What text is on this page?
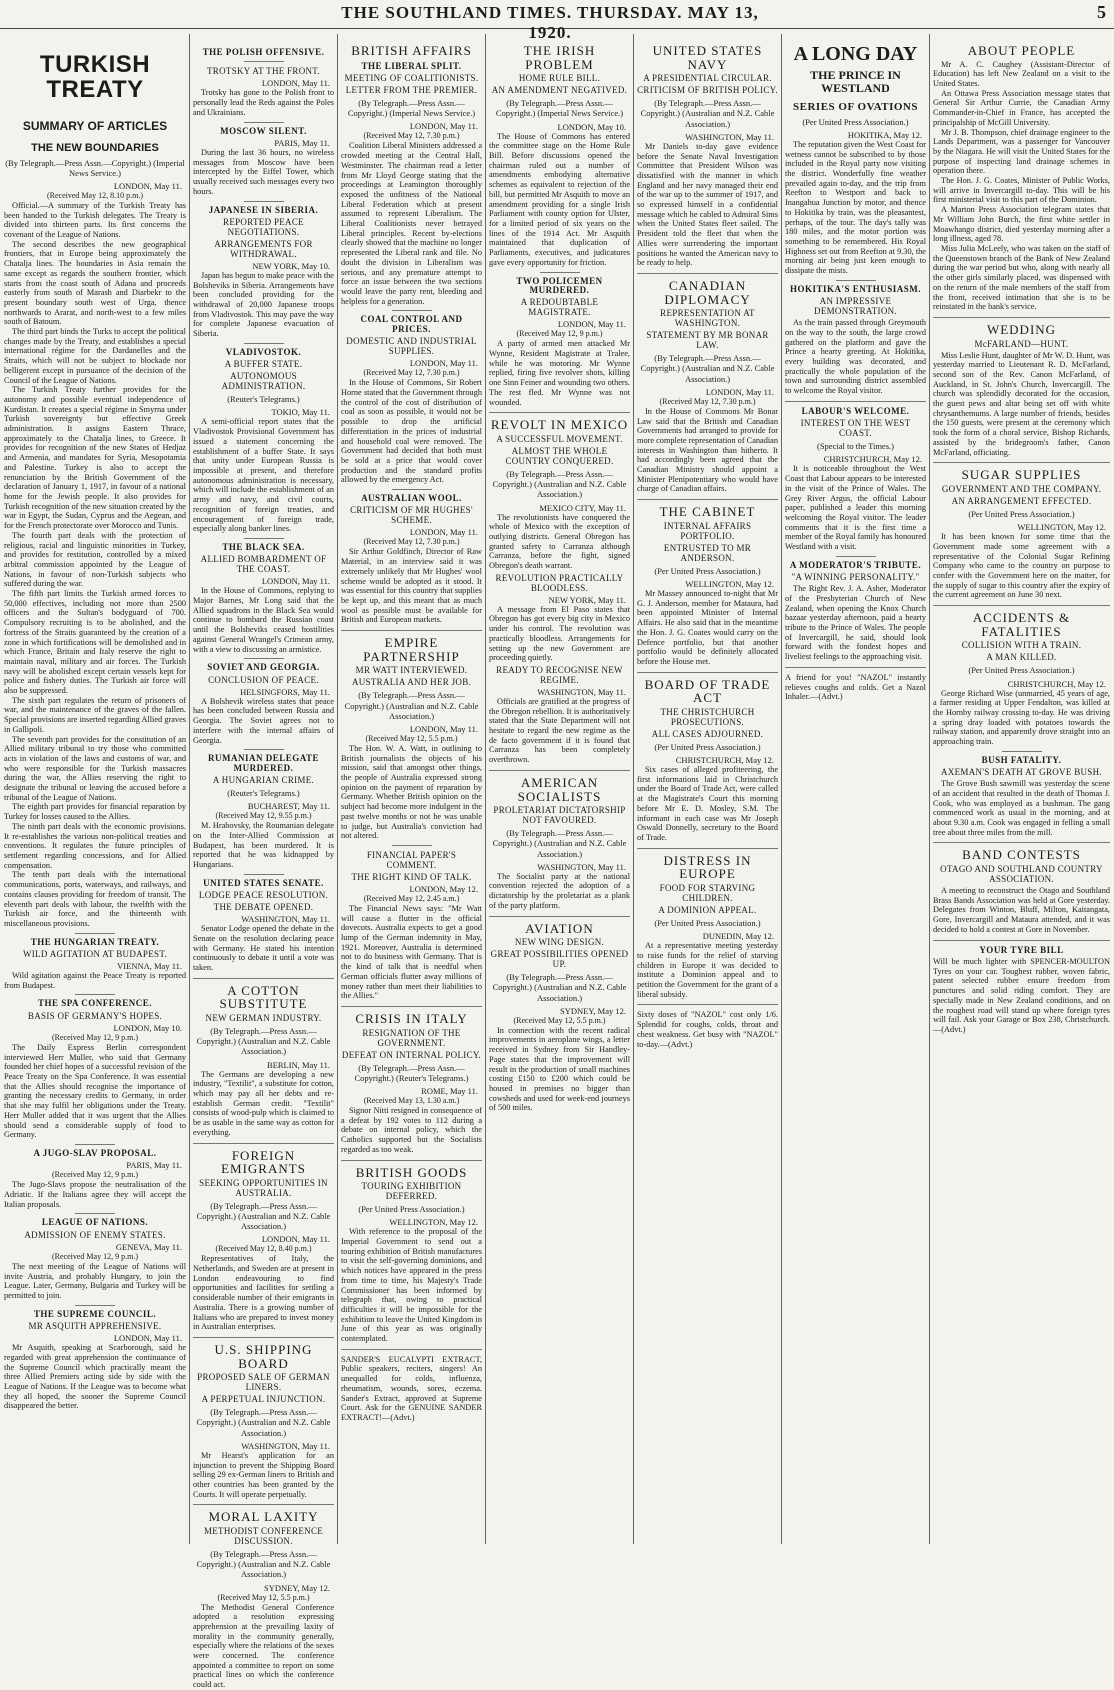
THE SOUTHLAND TIMES. THURSDAY. MAY 13, 1920.
5
TURKISH TREATY
SUMMARY OF ARTICLES
THE NEW BOUNDARIES
(By Telegraph.—Press Assn.—Copyright.) (Imperial News Service.)
LONDON, May 11.
(Received May 12, 8.10 p.m.)

Official.—A summary of the Turkish Treaty has been handed to the Turkish delegates. The Treaty is divided into thirteen parts. Its first concerns the covenant of the League of Nations.

The second describes the new geographical frontiers, that in Europe being approximately the Chatalja lines. The boundaries in Asia remain the same except as regards the southern frontier, which starts from the coast south of Adana and proceeds easterly from south of Marash and Diarbekr to the present boundary south west of Urga, thence northwards to Ararat, and north-west to a few miles south of Batoum.

The third part binds the Turks to accept the political changes made by the Treaty, and establishes a special international régime for the Dardanelles and the Straits, which will not be subject to blockade nor belligerent except in pursuance of the decision of the Council of the League of Nations.

The Turkish Treaty further provides for the autonomy and possible eventual independence of Kurdistan. It creates a special régime in Smyrna under Turkish sovereignty but effective Greek administration. It assigns Eastern Thrace, approximately to the Chatalja lines, to Greece. It provides for recognition of the new States of Hedjaz and Armenia, and mandates for Syria, Mesopotamia and Palestine. Turkey is also to accept the renunciation by the British Government of the declaration of January 1, 1917, in favour of a national home for the Jewish people. It also provides for Turkish recognition of the new situation created by the war in Egypt, the Sudan, Cyprus and the Aegean, and for the French protectorate over Morocco and Tunis.

The fourth part deals with the protection of religious, racial and linguistic minorities in Turkey, and provides for restitution, controlled by a mixed arbitral commission appointed by the League of Nations, in favour of non-Turkish subjects who suffered during the war.

The fifth part limits the Turkish armed forces to 50,000 effectives, including not more than 2500 officers and the Sultan's bodyguard of 700. Compulsory recruiting is to be abolished, and the fortress of the Straits guaranteed by the creation of a zone in which fortifications will be demolished and in which France, Britain and Italy reserve the right to maintain naval, military and air forces. The Turkish navy will be abolished except certain vessels kept for police and fishery duties. The Turkish air force will also be suppressed.

The sixth part regulates the return of prisoners of war, and the maintenance of the graves of the fallen. Special provisions are inserted regarding Allied graves in Gallipoli.

The seventh part provides for the constitution of an Allied military tribunal to try those who committed acts in violation of the laws and customs of war, and who were responsible for the Turkish massacres during the war, the Allies reserving the right to designate the tribunal or leaving the accused before a tribunal of the League of Nations.

The eighth part provides for financial reparation by Turkey for losses caused to the Allies.

The ninth part deals with the economic provisions. It re-establishes the various non-political treaties and conventions. It regulates the future principles of settlement regarding concessions, and for Allied compensation.

The tenth part deals with the international communications, ports, waterways, and railways, and contains clauses providing for freedom of transit. The eleventh part deals with labour, the twelfth with the Turkish air force, and the thirteenth with miscellaneous provisions.

THE HUNGARIAN TREATY.
WILD AGITATION AT BUDAPEST.
VIENNA, May 11.

Wild agitation against the Peace Treaty is reported from Budapest.

THE SPA CONFERENCE.
BASIS OF GERMANY'S HOPES.
LONDON, May 10.
(Received May 12, 9 p.m.)

The Daily Express Berlin correspondent interviewed Herr Muller, who said that Germany founded her chief hopes of a successful revision of the Peace Treaty on the Spa Conference. It was essential that the Allies should recognise the importance of granting the necessary credits to Germany, in order that she may fulfil her obligations under the Treaty. Herr Muller added that it was urgent that the Allies should send a considerable supply of food to Germany.

A JUGO-SLAV PROPOSAL.
PARIS, May 11.
(Received May 12, 9 p.m.)

The Jugo-Slavs propose the neutralisation of the Adriatic. If the Italians agree they will accept the Italian proposals.

LEAGUE OF NATIONS.
ADMISSION OF ENEMY STATES.
GENEVA, May 11.
(Received May 12, 9 p.m.)

The next meeting of the League of Nations will invite Austria, and probably Hungary, to join the League. Later, Germany, Bulgaria and Turkey will be permitted to join.

THE SUPREME COUNCIL.
MR ASQUITH APPREHENSIVE.
LONDON, May 11.

Mr Asquith, speaking at Scarborough, said he regarded with great apprehension the continuance of the Supreme Council which practically meant the three Allied Premiers acting side by side with the League of Nations. If the League was to become what they all hoped, the sooner the Supreme Council disappeared the better.

THE POLISH OFFENSIVE.
TROTSKY AT THE FRONT.
LONDON, May 11.

Trotsky has gone to the Polish front to personally lead the Reds against the Poles and Ukrainians.

MOSCOW SILENT.
PARIS, May 11.

During the last 36 hours, no wireless messages from Moscow have been intercepted by the Eiffel Tower, which usually received such messages every two hours.

JAPANESE IN SIBERIA.
REPORTED PEACE NEGOTIATIONS.
ARRANGEMENTS FOR WITHDRAWAL.
NEW YORK, May 10.

Japan has begun to make peace with the Bolsheviks in Siberia. Arrangements have been concluded providing for the withdrawal of 20,000 Japanese troops from Vladivostok. This may pave the way for complete Japanese evacuation of Siberia.

VLADIVOSTOK.
A BUFFER STATE.
AUTONOMOUS ADMINISTRATION.
(Reuter's Telegrams.)
TOKIO, May 11.

A semi-official report states that the Vladivostok Provisional Government has issued a statement concerning the establishment of a buffer State. It says that unity under European Russia is impossible at present, and therefore autonomous administration is necessary, which will include the establishment of an army and navy, and civil courts, recognition of foreign treaties, and encouragement of foreign trade, especially along banker lines.

THE BLACK SEA.
ALLIED BOMBARDMENT OF THE COAST.
LONDON, May 11.

In the House of Commons, replying to Major Barnes, Mr Long said that the Allied squadrons in the Black Sea would continue to bombard the Russian coast until the Bolsheviks ceased hostilities against General Wrangel's Crimean army, with a view to discussing an armistice.

SOVIET AND GEORGIA.
CONCLUSION OF PEACE.
HELSINGFORS, May 11.

A Bolshevik wireless states that peace has been concluded between Russia and Georgia. The Soviet agrees not to interfere with the internal affairs of Georgia.

RUMANIAN DELEGATE MURDERED.
A HUNGARIAN CRIME.
(Reuter's Telegrams.)
BUCHAREST, May 11.
(Received May 12, 9.55 p.m.)

M. Hrabovsky, the Roumanian delegate on the Inter-Allied Commission at Budapest, has been murdered. It is reported that he was kidnapped by Hungarians.

UNITED STATES SENATE.
LODGE PEACE RESOLUTION.
THE DEBATE OPENED.
WASHINGTON, May 11.

Senator Lodge opened the debate in the Senate on the resolution declaring peace with Germany. He stated his intention continuously to debate it until a vote was taken.

A COTTON SUBSTITUTE
NEW GERMAN INDUSTRY.
(By Telegraph.—Press Assn.—Copyright.) (Australian and N.Z. Cable Association.)
BERLIN, May 11.

The Germans are developing a new industry, "Textilit", a substitute for cotton, which may pay all her debts and re-establish German credit. "Textilit" consists of wood-pulp which is claimed to be as usable in the same way as cotton for everything.

FOREIGN EMIGRANTS
SEEKING OPPORTUNITIES IN AUSTRALIA.
(By Telegraph.—Press Assn.—Copyright.) (Australian and N.Z. Cable Association.)
LONDON, May 11.
(Received May 12, 8.40 p.m.)

Representatives of Italy, the Netherlands, and Sweden are at present in London endeavouring to find opportunities and facilities for settling a considerable number of their emigrants in Australia. There is a growing number of Italians who are prepared to invest money in Australian enterprises.

U.S. SHIPPING BOARD
PROPOSED SALE OF GERMAN LINERS.
A PERPETUAL INJUNCTION.
(By Telegraph.—Press Assn.—Copyright.) (Australian and N.Z. Cable Association.)
WASHINGTON, May 11.

Mr Hearst's application for an injunction to prevent the Shipping Board selling 29 ex-German liners to British and other countries has been granted by the Courts. It will operate perpetually.

MORAL LAXITY
METHODIST CONFERENCE DISCUSSION.
(By Telegraph.—Press Assn.—Copyright.) (Australian and N.Z. Cable Association.)
SYDNEY, May 12.
(Received May 12, 5.5 p.m.)

The Methodist General Conference adopted a resolution expressing apprehension at the prevailing laxity of morality in the community generally, especially where the relations of the sexes were concerned. The conference appointed a committee to report on some practical lines on which the conference could act.

BRITISH AFFAIRS
THE LIBERAL SPLIT.
MEETING OF COALITIONISTS.
LETTER FROM THE PREMIER.
(By Telegraph.—Press Assn.—Copyright.) (Imperial News Service.)
LONDON, May 11.
(Received May 12, 7.30 p.m.)

Coalition Liberal Ministers addressed a crowded meeting at the Central Hall, Westminster. The chairman read a letter from Mr Lloyd George stating that the proceedings at Leamington thoroughly exposed the unfitness of the National Liberal Federation which at present assumed to represent Liberalism. The Liberal Coalitionists never betrayed Liberal principles. Recent by-elections clearly showed that the machine no longer represented the Liberal rank and file. No doubt the division in Liberalism was serious, and any premature attempt to force an issue between the two sections would leave the party rent, bleeding and helpless for a generation.

COAL CONTROL AND PRICES.
DOMESTIC AND INDUSTRIAL SUPPLIES.
LONDON, May 11.
(Received May 12, 7.30 p.m.)

In the House of Commons, Sir Robert Horne stated that the Government through the control of the cost of distribution of coal as soon as possible, it would not be possible to drop the artificial differentiation in the prices of industrial and household coal were removed. The Government had decided that both must be sold at a price that would cover production and the standard profits allowed by the emergency Act.

AUSTRALIAN WOOL.
CRITICISM OF MR HUGHES' SCHEME.
LONDON, May 11.
(Received May 12, 7.30 p.m.)

Sir Arthur Goldfinch, Director of Raw Material, in an interview said it was extremely unlikely that Mr Hughes' wool scheme would be adopted as it stood. It was essential for this country that supplies be kept up, and this meant that as much wool as possible must be available for British and European markets.

EMPIRE PARTNERSHIP
MR WATT INTERVIEWED.
AUSTRALIA AND HER JOB.
(By Telegraph.—Press Assn.—Copyright.) (Australian and N.Z. Cable Association.)
LONDON, May 11.
(Received May 12, 5.5 p.m.)

The Hon. W. A. Watt, in outlining to British journalists the objects of his mission, said that amongst other things, the people of Australia expressed strong opinion on the payment of reparation by Germany. Whether British opinion on the subject had become more indulgent in the past twelve months or not he was unable to judge, but Australia's conviction had not altered.

FINANCIAL PAPER'S COMMENT.
THE RIGHT KIND OF TALK.
LONDON, May 12.
(Received May 12, 2.45 a.m.)

The Financial News says: "Mr Watt will cause a flutter in the official dovecots. Australia expects to get a good lump of the German indemnity in May, 1921. Moreover, Australia is determined not to do business with Germany. That is the kind of talk that is needful when German officials flutter away millions of money rather than meet their liabilities to the Allies."

CRISIS IN ITALY
RESIGNATION OF THE GOVERNMENT.
DEFEAT ON INTERNAL POLICY.
(By Telegraph.—Press Assn.—Copyright.) (Reuter's Telegrams.)
ROME, May 11.
(Received May 13, 1.30 a.m.)

Signor Nitti resigned in consequence of a defeat by 192 votes to 112 during a debate on internal policy, which the Catholics supported but the Socialists regarded as too weak.

BRITISH GOODS
TOURING EXHIBITION DEFERRED.
(Per United Press Association.)
WELLINGTON, May 12.

With reference to the proposal of the Imperial Government to send out a touring exhibition of British manufactures to visit the self-governing dominions, and which notices have appeared in the press from time to time, his Majesty's Trade Commissioner has been informed by telegraph that, owing to practical difficulties it will be impossible for the exhibition to leave the United Kingdom in June of this year as was originally contemplated.

SANDER'S EUCALYPTI EXTRACT, Public speakers, reciters, singers! An unequalled for colds, influenza, rheumatism, wounds, sores, eczema. Sander's Extract, approved at Supreme Court. Ask for the GENUINE SANDER EXTRACT!—(Advt.)

THE IRISH PROBLEM
HOME RULE BILL.
AN AMENDMENT NEGATIVED.
(By Telegraph.—Press Assn.—Copyright.) (Imperial News Service.)
LONDON, May 10.

The House of Commons has entered the committee stage on the Home Rule Bill. Before discussions opened the chairman ruled out a number of amendments embodying alternative schemes as equivalent to rejection of the bill, but permitted Mr Asquith to move an amendment providing for a single Irish Parliament with county option for Ulster, for a limited period of six years on the lines of the 1914 Act. Mr Asquith maintained that duplication of Parliaments, executives, and judicatures gave every opportunity for friction.

TWO POLICEMEN MURDERED.
A REDOUBTABLE MAGISTRATE.
LONDON, May 11.
(Received May 12, 9 p.m.)

A party of armed men attacked Mr Wynne, Resident Magistrate at Tralee, while he was motoring. Mr Wynne replied, firing five revolver shots, killing one Sinn Feiner and wounding two others. The rest fled. Mr Wynne was not wounded.

REVOLT IN MEXICO
A SUCCESSFUL MOVEMENT.
ALMOST THE WHOLE COUNTRY CONQUERED.
(By Telegraph.—Press Assn.—Copyright.) (Australian and N.Z. Cable Association.)
MEXICO CITY, May 11.

The revolutionists have conquered the whole of Mexico with the exception of outlying districts. General Obregon has granted safety to Carranza although Carranza, before the fight, signed Obregon's death warrant.

REVOLUTION PRACTICALLY BLOODLESS.
NEW YORK, May 11.

A message from El Paso states that Obregon has got every big city in Mexico under his control. The revolution was practically bloodless. Arrangements for setting up the new Government are proceeding quietly.

READY TO RECOGNISE NEW REGIME.
WASHINGTON, May 11.

Officials are gratified at the progress of the Obregon rebellion. It is authoritatively stated that the State Department will not hesitate to regard the new regime as the de facto government if it is found that Carranza has been completely overthrown.

AMERICAN SOCIALISTS
PROLETARIAT DICTATORSHIP NOT FAVOURED.
(By Telegraph.—Press Assn.—Copyright.) (Australian and N.Z. Cable Association.)
WASHINGTON, May 11.

The Socialist party at the national convention rejected the adoption of a dictatorship by the proletariat as a plank of the party platform.

AVIATION
NEW WING DESIGN.
GREAT POSSIBILITIES OPENED UP.
(By Telegraph.—Press Assn.—Copyright.) (Australian and N.Z. Cable Association.)
SYDNEY, May 12.
(Received May 12, 5.5 p.m.)

In connection with the recent radical improvements in aeroplane wings, a letter received in Sydney from Sir Handley-Page states that the improvement will result in the production of small machines costing £150 to £200 which could be housed in premises no bigger than cowsheds and used for week-end journeys of 500 miles.

UNITED STATES NAVY
A PRESIDENTIAL CIRCULAR.
CRITICISM OF BRITISH POLICY.
(By Telegraph.—Press Assn.—Copyright.) (Australian and N.Z. Cable Association.)
WASHINGTON, May 11.

Mr Daniels to-day gave evidence before the Senate Naval Investigation Committee that President Wilson was dissatisfied with the manner in which England and her navy managed their end of the war up to the summer of 1917, and so expressed himself in a confidential message which he cabled to Admiral Sims when the United States fleet sailed. The President told the fleet that when the Allies were surrendering the important positions he wanted the American navy to be ready to help.

CANADIAN DIPLOMACY
REPRESENTATION AT WASHINGTON.
STATEMENT BY MR BONAR LAW.
(By Telegraph.—Press Assn.—Copyright.) (Australian and N.Z. Cable Association.)
LONDON, May 11.
(Received May 12, 7.30 p.m.)

In the House of Commons Mr Bonar Law said that the British and Canadian Governments had arranged to provide for more complete representation of Canadian interests in Washington than hitherto. It had accordingly been agreed that the Canadian Ministry should appoint a Minister Plenipotentiary who would have charge of Canadian affairs.

THE CABINET
INTERNAL AFFAIRS PORTFOLIO.
ENTRUSTED TO MR ANDERSON.
(Per United Press Association.)
WELLINGTON, May 12.

Mr Massey announced to-night that Mr G. J. Anderson, member for Mataura, had been appointed Minister of Internal Affairs. He also said that in the meantime the Hon. J. G. Coates would carry on the Defence portfolio, but that another portfolio would be definitely allocated before the House met.

BOARD OF TRADE ACT
THE CHRISTCHURCH PROSECUTIONS.
ALL CASES ADJOURNED.
(Per United Press Association.)
CHRISTCHURCH, May 12.

Six cases of alleged profiteering, the first informations laid in Christchurch under the Board of Trade Act, were called at the Magistrate's Court this morning before Mr E. D. Mosley, S.M. The informant in each case was Mr Joseph Oswald Donnelly, secretary to the Board of Trade.

DISTRESS IN EUROPE
FOOD FOR STARVING CHILDREN.
A DOMINION APPEAL.
(Per United Press Association.)
DUNEDIN, May 12.

At a representative meeting yesterday to raise funds for the relief of starving children in Europe it was decided to institute a Dominion appeal and to petition the Government for the grant of a liberal subsidy.

Sixty doses of "NAZOL" cost only 1/6. Splendid for coughs, colds, throat and chest weakness. Get busy with "NAZOL" to-day.—(Advt.)

A LONG DAY
THE PRINCE IN WESTLAND
SERIES OF OVATIONS
(Per United Press Association.)
HOKITIKA, May 12.

The reputation given the West Coast for wetness cannot be subscribed to by those included in the Royal party now visiting the district. Wonderfully fine weather prevailed again to-day, and the trip from Reefton to Westport and back to Inangahua Junction by motor, and thence to Hokitika by train, was the pleasantest, perhaps, of the tour. The day's tally was 180 miles, and the motor portion was something to be remembered. His Royal Highness set out from Reefton at 9.30, the morning air being just keen enough to dissipate the mists.

HOKITIKA'S ENTHUSIASM.
AN IMPRESSIVE DEMONSTRATION.

As the train passed through Greymouth on the way to the south, the large crowd gathered on the platform and gave the Prince a hearty greeting. At Hokitika, every building was decorated, and practically the whole population of the town and surrounding district assembled to welcome the Royal visitor.

LABOUR'S WELCOME.
INTEREST ON THE WEST COAST.
(Special to the Times.)
CHRISTCHURCH, May 12.

It is noticeable throughout the West Coast that Labour appears to be interested in the visit of the Prince of Wales. The Grey River Argus, the official Labour paper, published a leader this morning welcoming the Royal visitor. The leader comments that it is the first time a member of the Royal family has honoured Westland with a visit.

A MODERATOR'S TRIBUTE.
"A WINNING PERSONALITY."

The Right Rev. J. A. Asher, Moderator of the Presbyterian Church of New Zealand, when opening the Knox Church bazaar yesterday afternoon, paid a hearty tribute to the Prince of Wales. The people of Invercargill, he said, should look forward with the fondest hopes and liveliest feelings to the approaching visit.

A friend for you! "NAZOL" instantly relieves coughs and colds. Get a Nazol Inhaler.—(Advt.)

ABOUT PEOPLE

Mr A. C. Caughey (Assistant-Director of Education) has left New Zealand on a visit to the United States.

An Ottawa Press Association message states that General Sir Arthur Currie, the Canadian Army Commander-in-Chief in France, has accepted the principalship of McGill University.

Mr J. B. Thompson, chief drainage engineer to the Lands Department, was a passenger for Vancouver by the Niagara. He will visit the United States for the purpose of inspecting land drainage schemes in operation there.

The Hon. J. G. Coates, Minister of Public Works, will arrive in Invercargill to-day. This will be his first ministerial visit to this part of the Dominion.

A Marton Press Association telegram states that Mr William John Burch, the first white settler in Moawhango district, died yesterday morning after a long illness, aged 78.

Miss Julia McLeely, who was taken on the staff of the Queenstown branch of the Bank of New Zealand during the war period but who, along with nearly all the other girls similarly placed, was dispensed with on the return of the male members of the staff from the front, received intimation that she is to be reinstated in the bank's service.

WEDDING
McFARLAND—HUNT.

Miss Leslie Hunt, daughter of Mr W. D. Hunt, was yesterday married to Lieutenant R. D. McFarland, second son of the Rev. Canon McFarland, of Auckland, in St. John's Church, Invercargill. The church was splendidly decorated for the occasion, the guest pews and altar being set off with white chrysanthemums. A large number of friends, besides the 150 guests, were present at the ceremony which took the form of a choral service, Bishop Richards, assisted by the bridegroom's father, Canon McFarland, officiating.

SUGAR SUPPLIES
GOVERNMENT AND THE COMPANY.
AN ARRANGEMENT EFFECTED.
(Per United Press Association.)
WELLINGTON, May 12.

It has been known for some time that the Government made some agreement with a representative of the Colonial Sugar Refining Company who came to the country on purpose to confer with the Government here on the matter, for the supply of sugar to this country after the expiry of the current agreement on June 30 next.

ACCIDENTS & FATALITIES
COLLISION WITH A TRAIN.
A MAN KILLED.
(Per United Press Association.)
CHRISTCHURCH, May 12.

George Richard Wise (unmarried, 45 years of age, a farmer residing at Upper Fendalton, was killed at the Hornby railway crossing to-day. He was driving a spring dray loaded with potatoes towards the railway station, and apparently drove straight into an approaching train.

BUSH FATALITY.
AXEMAN'S DEATH AT GROVE BUSH.

The Grove Bush sawmill was yesterday the scene of an accident that resulted in the death of Thomas J. Cook, who was employed as a bushman. The gang commenced work as usual in the morning, and at about 9.30 a.m. Cook was engaged in felling a small tree about three miles from the mill.

BAND CONTESTS
OTAGO AND SOUTHLAND COUNTRY ASSOCIATION.

A meeting to reconstruct the Otago and Southland Brass Bands Association was held at Gore yesterday. Delegates from Winton, Bluff, Milton, Kaitangata, Gore, Invercargill and Mataura attended, and it was decided to hold a contest at Gore in November.

YOUR TYRE BILL

Will be much lighter with SPENCER-MOULTON Tyres on your car. Toughest rubber, woven fabric, patent selected rubber ensure freedom from punctures and solid riding comfort. They are specially made in New Zealand conditions, and on the roughest road will stand up where foreign tyres will fail. Ask your Garage or Box 238, Christchurch.—(Advt.)
